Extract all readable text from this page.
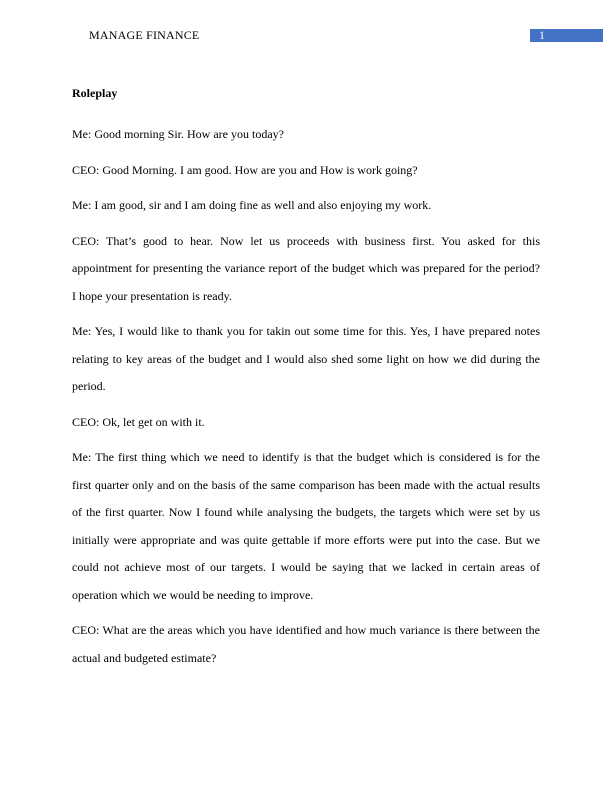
MANAGE FINANCE	1
Roleplay

Me: Good morning Sir. How are you today?

CEO: Good Morning. I am good. How are you and How is work going?

Me: I am good, sir and I am doing fine as well and also enjoying my work.

CEO: That’s good to hear. Now let us proceeds with business first. You asked for this appointment for presenting the variance report of the budget which was prepared for the period? I hope your presentation is ready.

Me: Yes, I would like to thank you for takin out some time for this. Yes, I have prepared notes relating to key areas of the budget and I would also shed some light on how we did during the period.

CEO: Ok, let get on with it.

Me: The first thing which we need to identify is that the budget which is considered is for the first quarter only and on the basis of the same comparison has been made with the actual results of the first quarter. Now I found while analysing the budgets, the targets which were set by us initially were appropriate and was quite gettable if more efforts were put into the case. But we could not achieve most of our targets. I would be saying that we lacked in certain areas of operation which we would be needing to improve.

CEO: What are the areas which you have identified and how much variance is there between the actual and budgeted estimate?
